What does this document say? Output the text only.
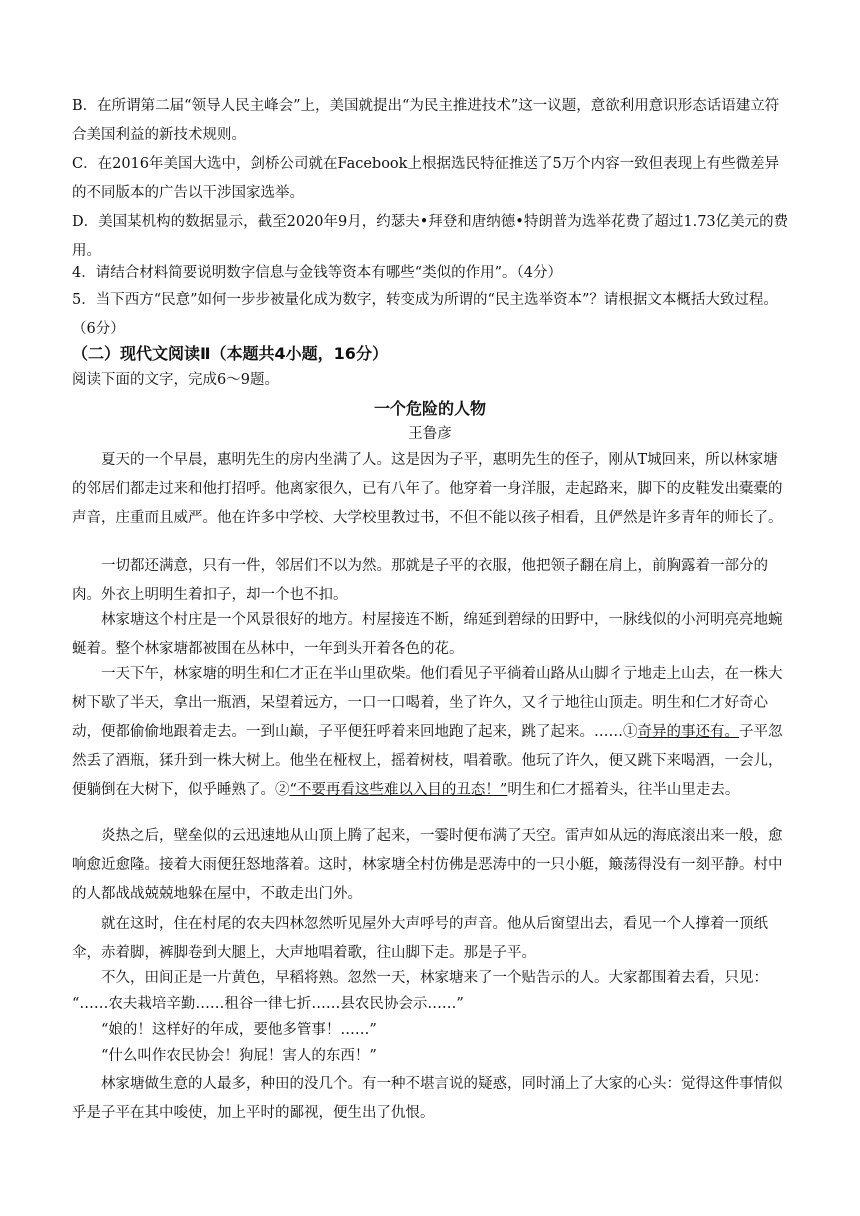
B．在所谓第二届“领导人民主峰会”上，美国就提出“为民主推进技术”这一议题，意欲利用意识形态话语建立符合美国利益的新技术规则。

C．在2016年美国大选中，剑桥公司就在Facebook上根据选民特征推送了5万个内容一致但表现上有些微差异的不同版本的广告以干涉国家选举。

D．美国某机构的数据显示，截至2020年9月，约瑟夫•拜登和唐纳德•特朗普为选举花费了超过1.73亿美元的费用。

4．请结合材料简要说明数字信息与金钱等资本有哪些“类似的作用”。（4分）

5．当下西方“民意”如何一步步被量化成为数字，转变成为所谓的“民主选举资本”？请根据文本概括大致过程。（6分）

（二）现代文阅读Ⅱ（本题共4小题，16分）

阅读下面的文字，完成6～9题。

一个危险的人物

王鲁彦

夏天的一个早晨，惠明先生的房内坐满了人。这是因为子平，惠明先生的侄子，刚从T城回来，所以林家塘的邻居们都走过来和他打招呼。他离家很久，已有八年了。他穿着一身洋服，走起路来，脚下的皮鞋发出橐橐的声音，庄重而且威严。他在许多中学校、大学校里教过书，不但不能以孩子相看，且俨然是许多青年的师长了。

一切都还满意，只有一件，邻居们不以为然。那就是子平的衣服，他把领子翻在肩上，前胸露着一部分的肉。外衣上明明生着扣子，却一个也不扣。

林家塘这个村庄是一个风景很好的地方。村屋接连不断，绵延到碧绿的田野中，一脉线似的小河明亮亮地蜿蜒着。整个林家塘都被围在丛林中，一年到头开着各色的花。

一天下午，林家塘的明生和仁才正在半山里砍柴。他们看见子平徜着山路从山脚彳亍地走上山去，在一株大树下歇了半天，拿出一瓶酒，呆望着远方，一口一口喝着，坐了许久，又彳亍地往山顶走。明生和仁才好奇心动，便都偷偷地跟着走去。一到山巅，子平便狂呼着来回地跑了起来，跳了起来。……①奇异的事还有。子平忽然丢了酒瓶，猱升到一株大树上。他坐在桠杈上，摇着树枝，唱着歌。他玩了许久，便又跳下来喝酒，一会儿，便躺倒在大树下，似乎睡熟了。②“不要再看这些难以入目的丑态！”明生和仁才摇着头，往半山里走去。

炎热之后，壁垒似的云迅速地从山顶上腾了起来，一霎时便布满了天空。雷声如从远的海底滚出来一般，愈响愈近愈隆。接着大雨便狂怒地落着。这时，林家塘全村仿佛是恶涛中的一只小艇，簸荡得没有一刻平静。村中的人都战战兢兢地躲在屋中，不敢走出门外。

就在这时，住在村尾的农夫四林忽然听见屋外大声呼号的声音。他从后窗望出去，看见一个人撑着一顶纸伞，赤着脚，裤脚卷到大腿上，大声地唱着歌，往山脚下走。那是子平。

不久，田间正是一片黄色，早稻将熟。忽然一天，林家塘来了一个贴告示的人。大家都围着去看，只见：

“……农夫栽培辛勤……租谷一律七折……县农民协会示……”

“娘的！这样好的年成，要他多管事！……”

“什么叫作农民协会！狗屁！害人的东西！”

林家塘做生意的人最多，种田的没几个。有一种不堪言说的疑惑，同时涌上了大家的心头：觉得这件事情似乎是子平在其中唆使，加上平时的鄙视，便生出了仇恨。
